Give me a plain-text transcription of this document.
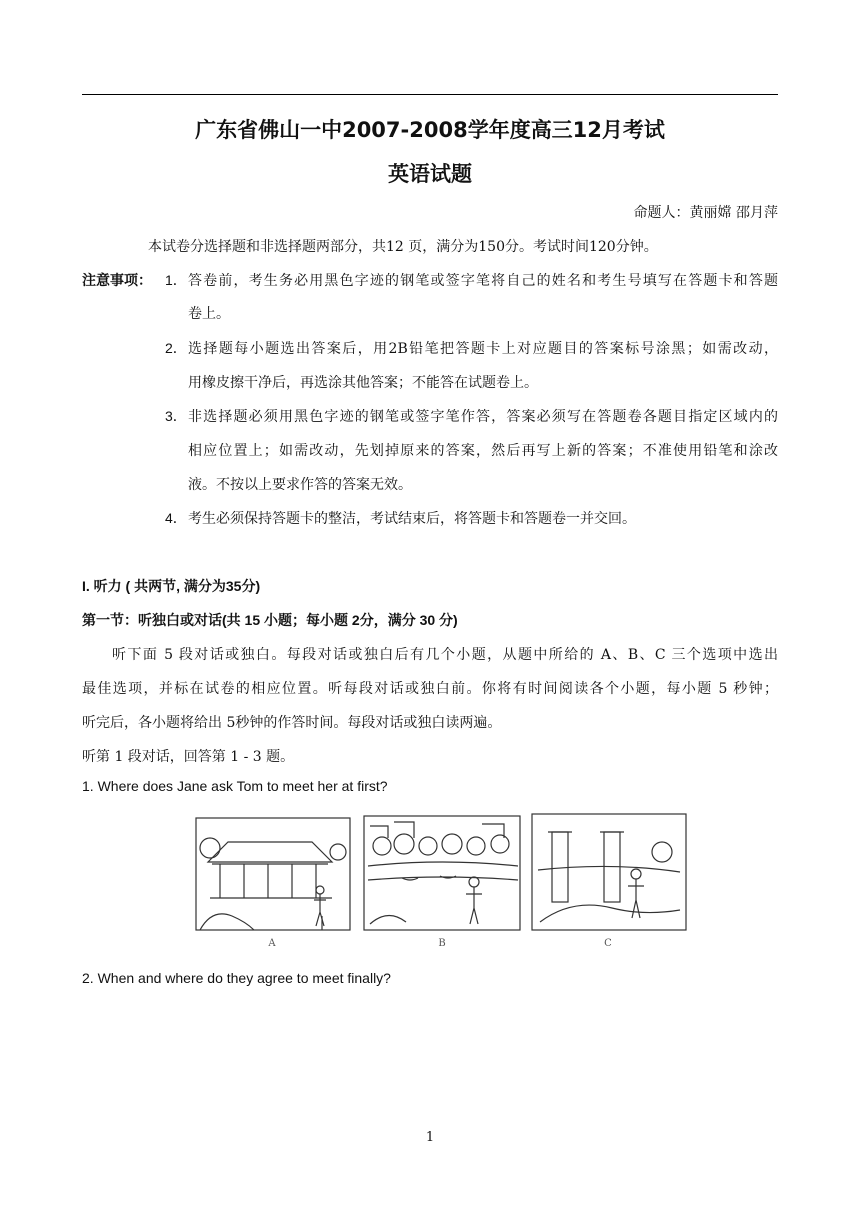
广东省佛山一中2007-2008学年度高三12月考试
英语试题
命题人：黄丽嫦 邵月萍
本试卷分选择题和非选择题两部分，共12 页，满分为150分。考试时间120分钟。
注意事项： 1． 答卷前，考生务必用黑色字迹的钢笔或签字笔将自己的姓名和考生号填写在答题卡和答题
卷上。
2． 选择题每小题选出答案后，用2B铅笔把答题卡上对应题目的答案标号涂黑；如需改动，
用橡皮擦干净后，再选涂其他答案；不能答在试题卷上。
3． 非选择题必须用黑色字迹的钢笔或签字笔作答，答案必须写在答题卷各题目指定区域内的
相应位置上；如需改动，先划掉原来的答案，然后再写上新的答案；不准使用铅笔和涂改
液。不按以上要求作答的答案无效。
4． 考生必须保持答题卡的整洁，考试结束后，将答题卡和答题卷一并交回。
I. 听力 ( 共两节, 满分为35分)
第一节：听独白或对话(共 15 小题；每小题 2分，满分 30 分)
听下面 5 段对话或独白。每段对话或独白后有几个小题，从题中所给的 A、B、C 三个选项中选出
最佳选项，并标在试卷的相应位置。听每段对话或独白前。你将有时间阅读各个小题，每小题 5 秒钟；
听完后，各小题将给出 5秒钟的作答时间。每段对话或独白读两遍。
听第 1 段对话，回答第 1 - 3 题。
1. Where does Jane ask Tom to meet her at first?
A	B	C
2. When and where do they agree to meet finally?
1
